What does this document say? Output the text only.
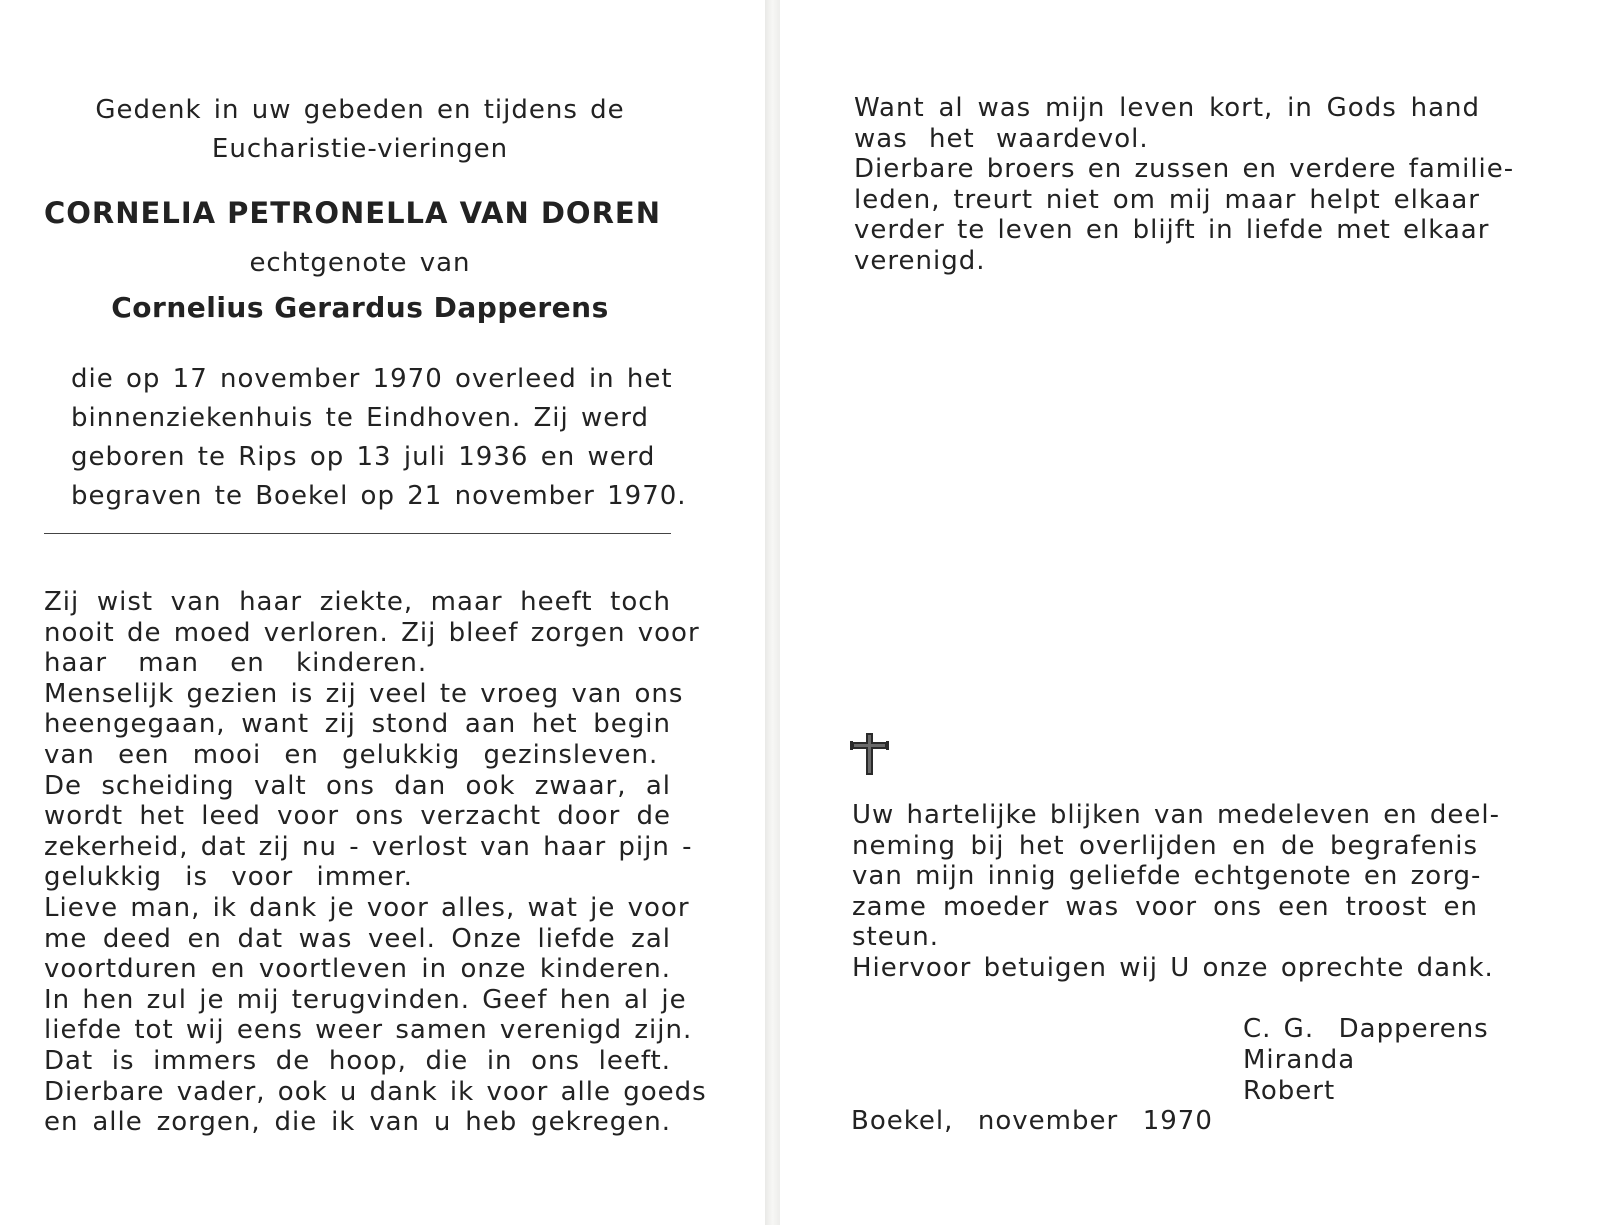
Gedenk in uw gebeden en tijdens de

Eucharistie-vieringen

CORNELIA PETRONELLA VAN DOREN

echtgenote van

Cornelius Gerardus Dapperens

die op 17 november 1970 overleed in het
binnenziekenhuis te Eindhoven. Zij werd
geboren te Rips op 13 juli 1936 en werd
begraven te Boekel op 21 november 1970.
Zij wist van haar ziekte, maar heeft toch
nooit de moed verloren. Zij bleef zorgen voor
haar man en kinderen.
Menselijk gezien is zij veel te vroeg van ons
heengegaan, want zij stond aan het begin
van een mooi en gelukkig gezinsleven.
De scheiding valt ons dan ook zwaar, al
wordt het leed voor ons verzacht door de
zekerheid, dat zij nu - verlost van haar pijn -
gelukkig is voor immer.
Lieve man, ik dank je voor alles, wat je voor
me deed en dat was veel. Onze liefde zal
voortduren en voortleven in onze kinderen.
In hen zul je mij terugvinden. Geef hen al je
liefde tot wij eens weer samen verenigd zijn.
Dat is immers de hoop, die in ons leeft.
Dierbare vader, ook u dank ik voor alle goeds
en alle zorgen, die ik van u heb gekregen.
Want al was mijn leven kort, in Gods hand
was het waardevol.
Dierbare broers en zussen en verdere familie-
leden, treurt niet om mij maar helpt elkaar
verder te leven en blijft in liefde met elkaar
verenigd.
Uw hartelijke blijken van medeleven en deel-
neming bij het overlijden en de begrafenis
van mijn innig geliefde echtgenote en zorg-
zame moeder was voor ons een troost en
steun.
Hiervoor betuigen wij U onze oprechte dank.
C. G.  Dapperens
Miranda
Robert

Boekel,  november  1970
